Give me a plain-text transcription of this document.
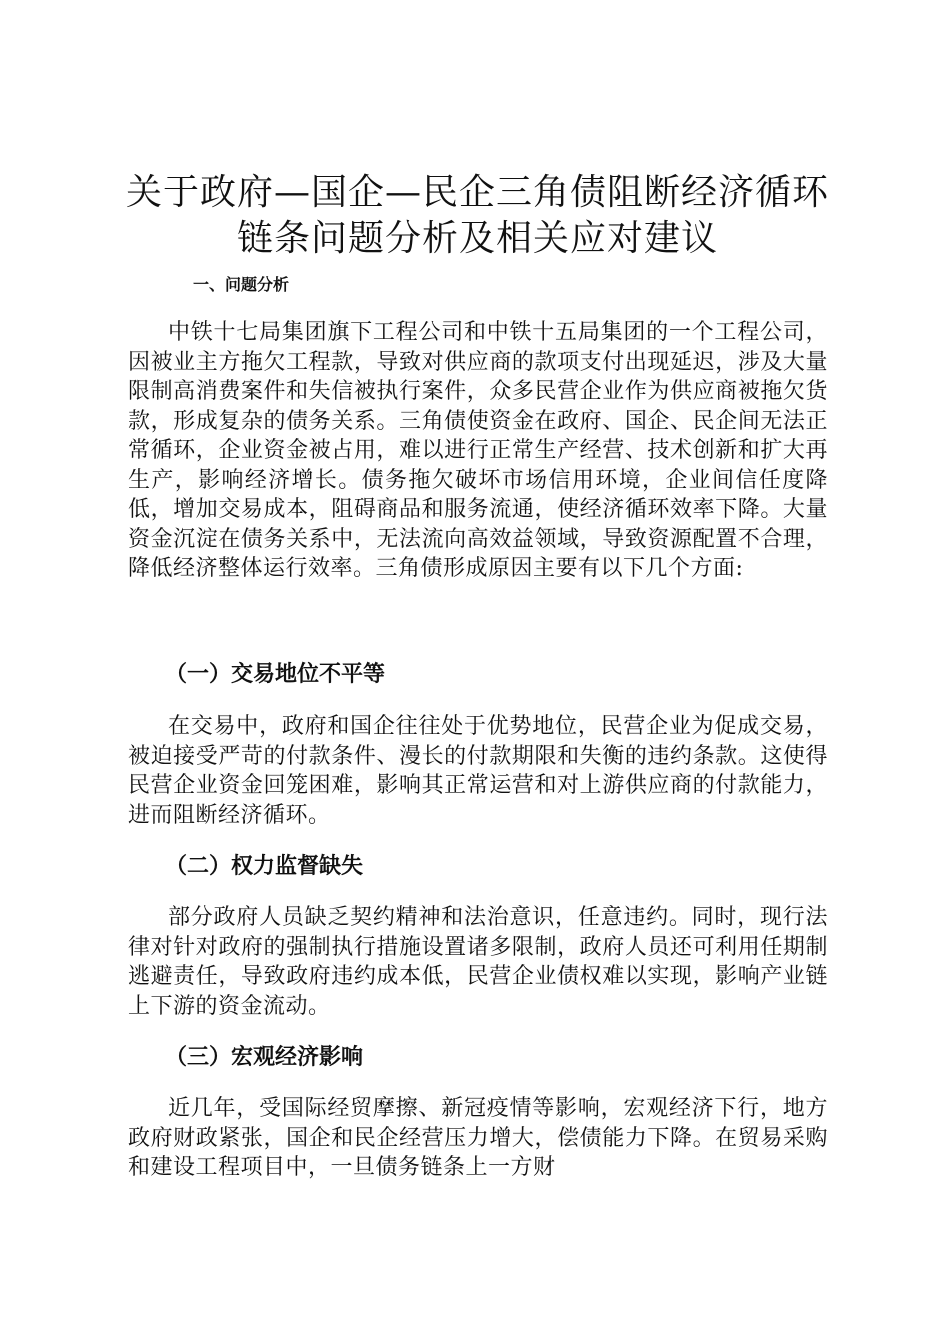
关于政府—国企—民企三角债阻断经济循环链条问题分析及相关应对建议
一、问题分析

中铁十七局集团旗下工程公司和中铁十五局集团的一个工程公司，因被业主方拖欠工程款，导致对供应商的款项支付出现延迟，涉及大量限制高消费案件和失信被执行案件，众多民营企业作为供应商被拖欠货款，形成复杂的债务关系。三角债使资金在政府、国企、民企间无法正常循环，企业资金被占用，难以进行正常生产经营、技术创新和扩大再生产，影响经济增长。债务拖欠破坏市场信用环境，企业间信任度降低，增加交易成本，阻碍商品和服务流通，使经济循环效率下降。大量资金沉淀在债务关系中，无法流向高效益领域，导致资源配置不合理，降低经济整体运行效率。三角债形成原因主要有以下几个方面:

（一）交易地位不平等

在交易中，政府和国企往往处于优势地位，民营企业为促成交易，被迫接受严苛的付款条件、漫长的付款期限和失衡的违约条款。这使得民营企业资金回笼困难，影响其正常运营和对上游供应商的付款能力，进而阻断经济循环。

（二）权力监督缺失

部分政府人员缺乏契约精神和法治意识，任意违约。同时，现行法律对针对政府的强制执行措施设置诸多限制，政府人员还可利用任期制逃避责任，导致政府违约成本低，民营企业债权难以实现，影响产业链上下游的资金流动。

（三）宏观经济影响

近几年，受国际经贸摩擦、新冠疫情等影响，宏观经济下行，地方政府财政紧张，国企和民企经营压力增大，偿债能力下降。在贸易采购和建设工程项目中，一旦债务链条上一方财
